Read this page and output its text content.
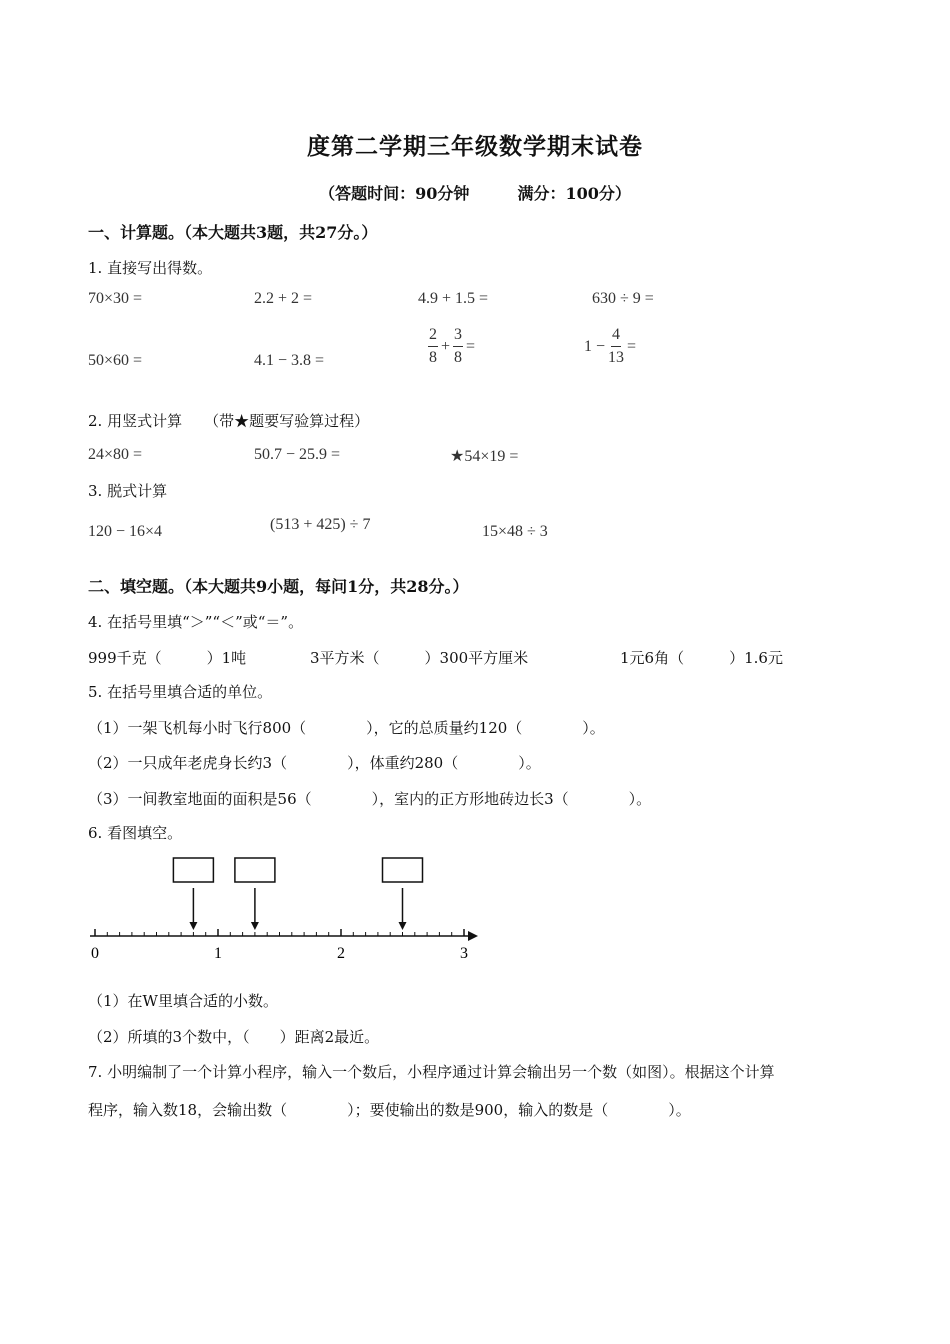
度第二学期三年级数学期末试卷
（答题时间：90分钟	满分：100分）
一、计算题。（本大题共3题，共27分。）
1. 直接写出得数。
70×30 =	2.2 + 2 =	4.9 + 1.5 =	630 ÷ 9 =
50×60 =	4.1 − 3.8 =	$\frac{2}{8} + \frac{3}{8}$ =	$1 - \frac{4}{13}$ =
2. 用竖式计算 （带★题要写验算过程）
24×80 =	50.7 − 25.9 =	★54×19 =
3. 脱式计算
120 − 16×4	(513 + 425) ÷ 7	15×48 ÷ 3
二、填空题。（本大题共9小题，每问1分，共28分。）
4. 在括号里填“＞”“＜”或“＝”。
999千克（　　　）1吨	3平方米（　　　）300平方厘米	1元6角（　　　）1.6元
5. 在括号里填合适的单位。
（1）一架飞机每小时飞行800（　　　　），它的总质量约120（　　　　）。
（2）一只成年老虎身长约3（　　　　），体重约280（　　　　）。
（3）一间教室地面的面积是56（　　　　），室内的正方形地砖边长3（　　　　）。
6. 看图填空。
0	1	2	3
（1）在W里填合适的小数。
（2）所填的3个数中，（　　）距离2最近。
7. 小明编制了一个计算小程序，输入一个数后，小程序通过计算会输出另一个数（如图）。根据这个计算
程序，输入数18，会输出数（　　　　）；要使输出的数是900，输入的数是（　　　　）。
